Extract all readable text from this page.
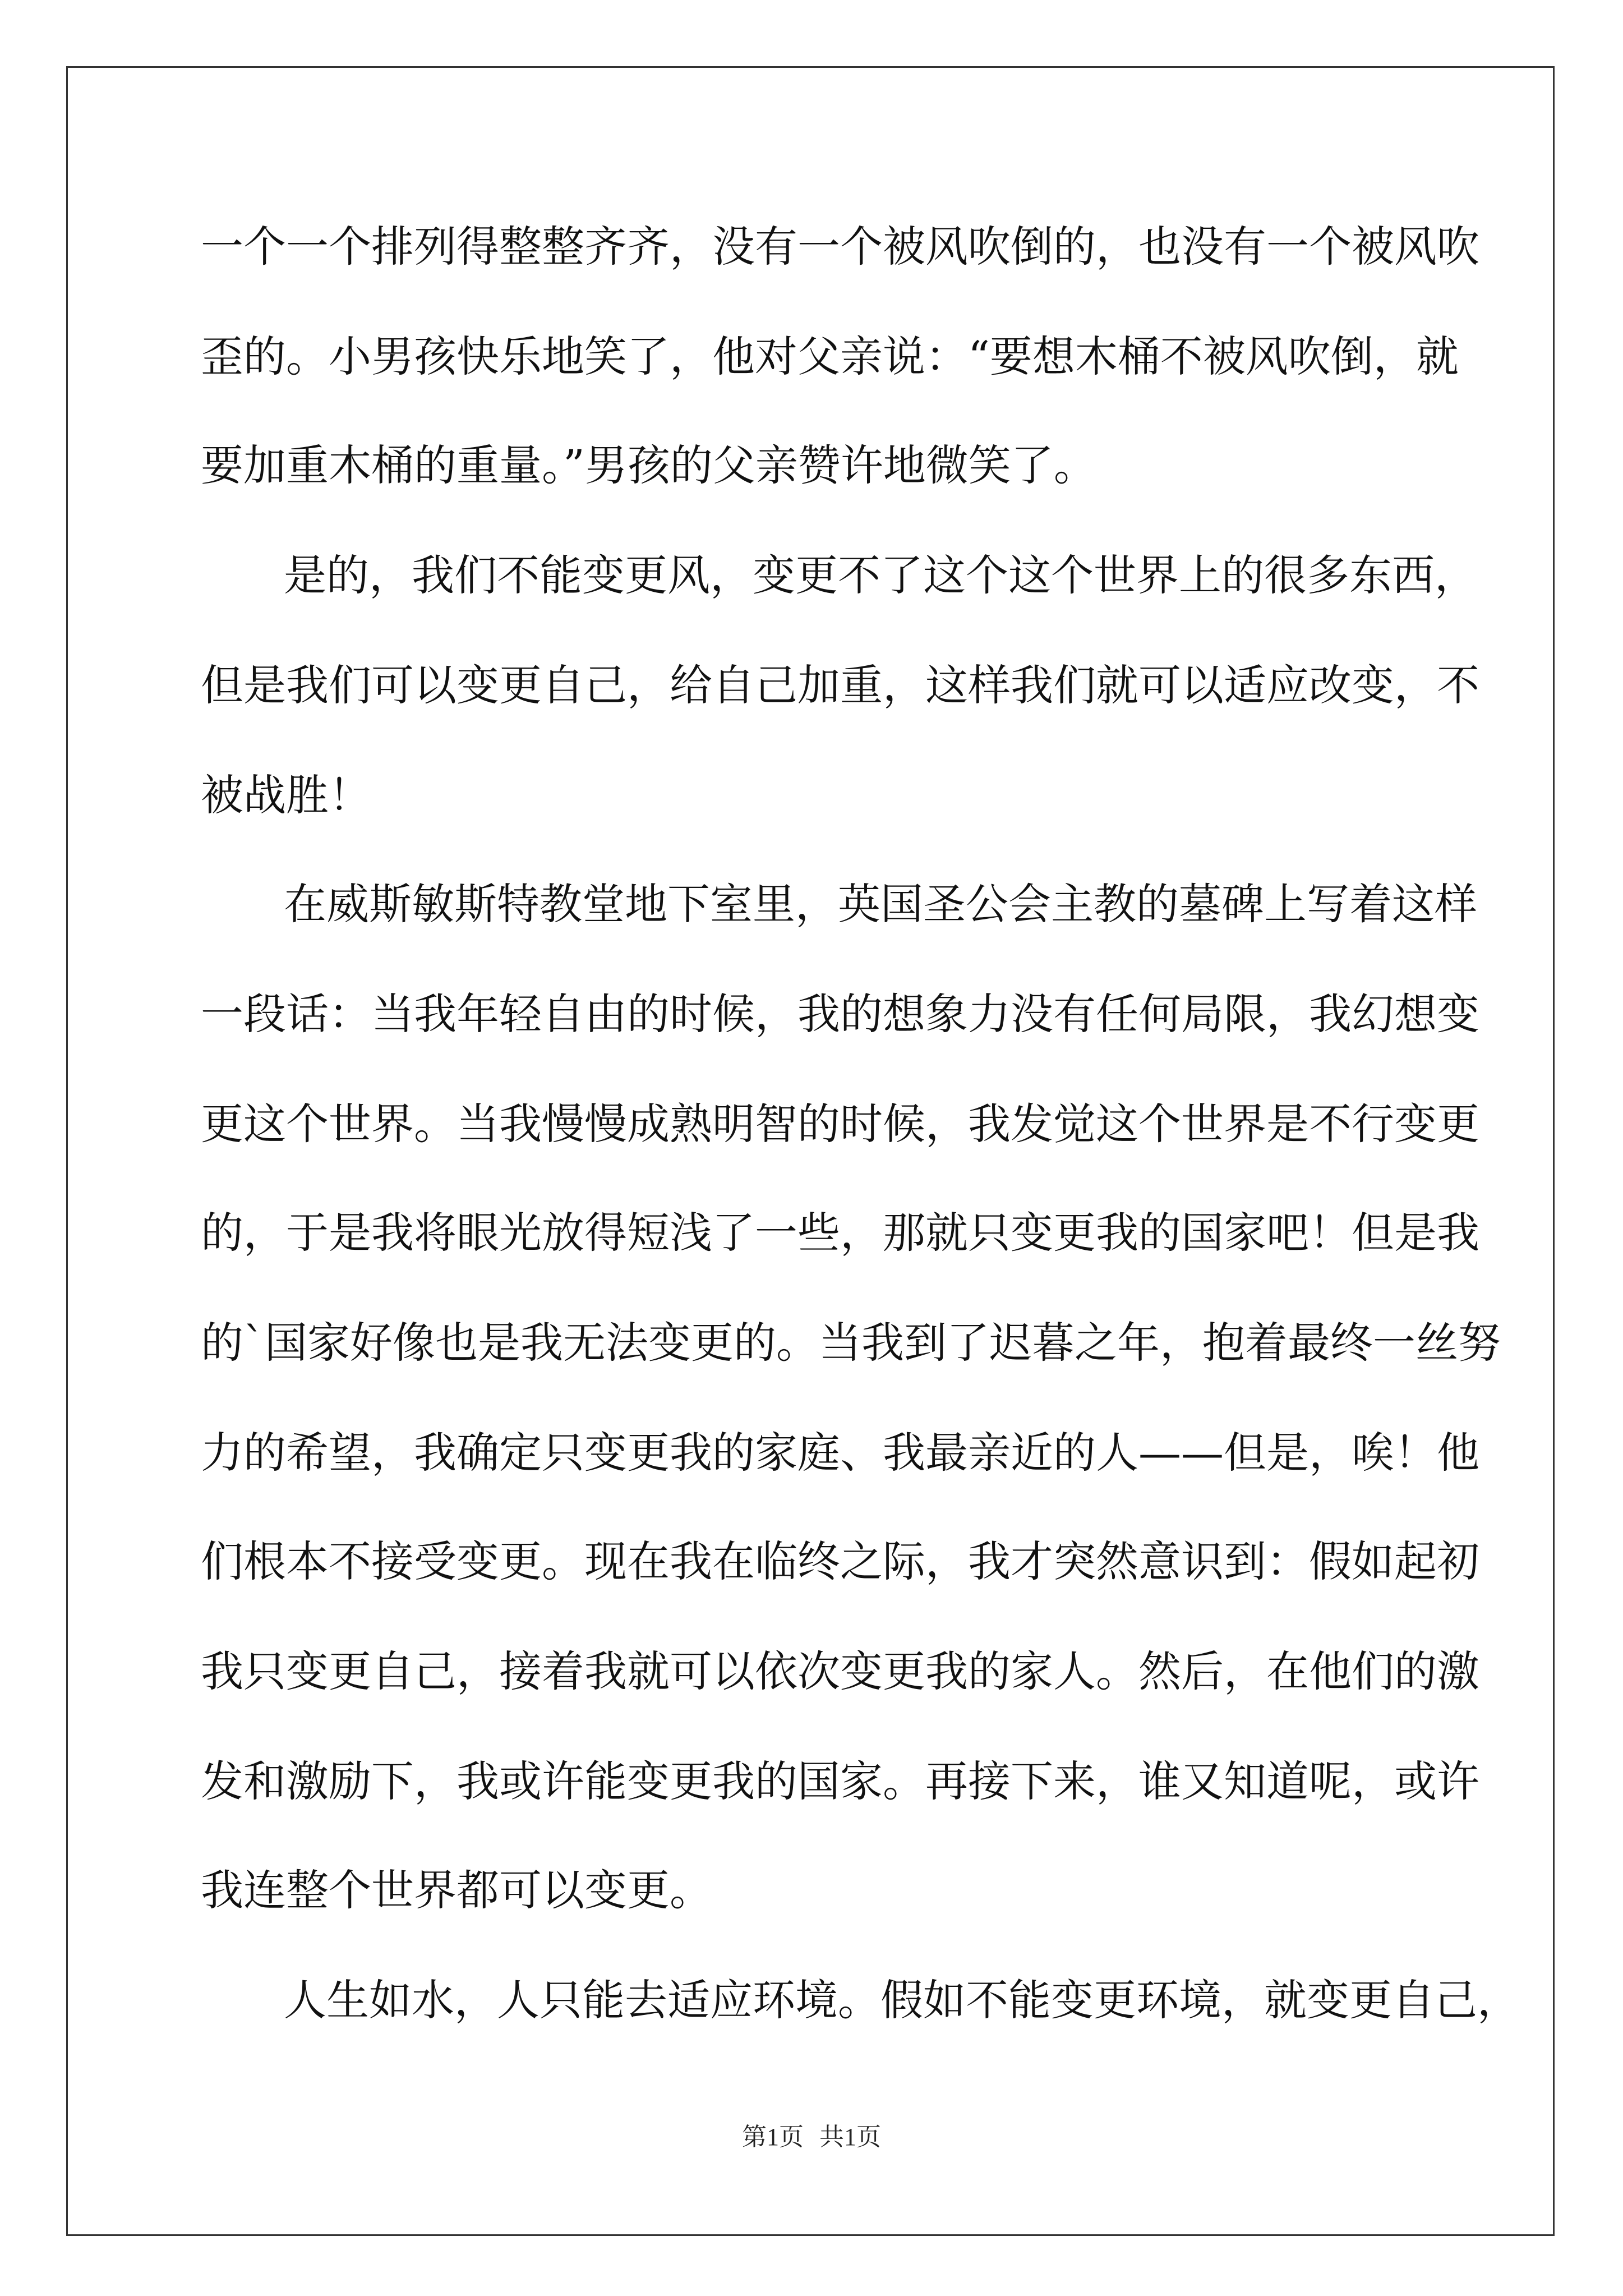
一个一个排列得整整齐齐，没有一个被风吹倒的，也没有一个被风吹
歪的。小男孩快乐地笑了，他对父亲说：“要想木桶不被风吹倒，就
要加重木桶的重量。”男孩的父亲赞许地微笑了。
是的，我们不能变更风，变更不了这个这个世界上的很多东西，
但是我们可以变更自己，给自己加重，这样我们就可以适应改变，不
被战胜！
在威斯敏斯特教堂地下室里，英国圣公会主教的墓碑上写着这样
一段话：当我年轻自由的时候，我的想象力没有任何局限，我幻想变
更这个世界。当我慢慢成熟明智的时候，我发觉这个世界是不行变更
的，于是我将眼光放得短浅了一些，那就只变更我的国家吧！但是我
的`国家好像也是我无法变更的。当我到了迟暮之年，抱着最终一丝努
力的希望，我确定只变更我的家庭、我最亲近的人——但是，唉！他
们根本不接受变更。现在我在临终之际，我才突然意识到：假如起初
我只变更自己，接着我就可以依次变更我的家人。然后，在他们的激
发和激励下，我或许能变更我的国家。再接下来，谁又知道呢，或许
我连整个世界都可以变更。
人生如水，人只能去适应环境。假如不能变更环境，就变更自己，
第1页 共1页
